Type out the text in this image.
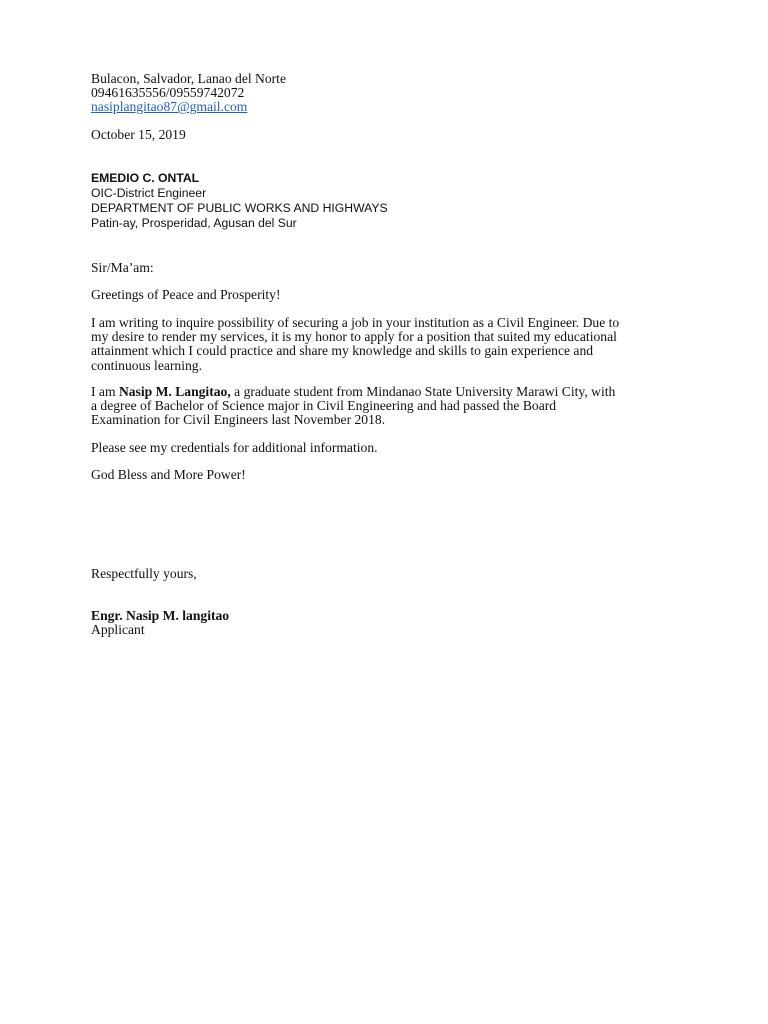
Bulacon, Salvador, Lanao del Norte
09461635556/09559742072
nasiplangitao87@gmail.com
October 15, 2019
EMEDIO C. ONTAL
OIC-District Engineer
DEPARTMENT OF PUBLIC WORKS AND HIGHWAYS
Patin-ay, Prosperidad, Agusan del Sur
Sir/Ma’am:
Greetings of Peace and Prosperity!
I am writing to inquire possibility of securing a job in your institution as a Civil Engineer. Due to
my desire to render my services, it is my honor to apply for a position that suited my educational
attainment which I could practice and share my knowledge and skills to gain experience and
continuous learning.
I am Nasip M. Langitao, a graduate student from Mindanao State University Marawi City, with
a degree of Bachelor of Science major in Civil Engineering and had passed the Board
Examination for Civil Engineers last November 2018.
Please see my credentials for additional information.
God Bless and More Power!
Respectfully yours,
Engr. Nasip M. langitao
Applicant
